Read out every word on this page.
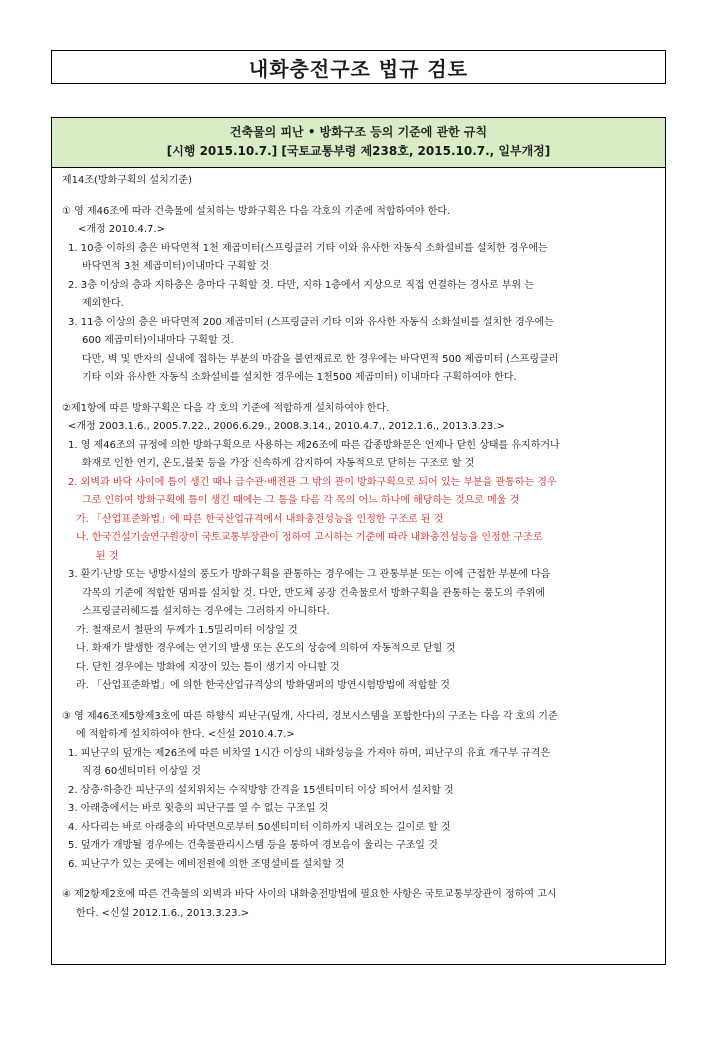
내화충전구조 법규 검토
건축물의 피난 • 방화구조 등의 기준에 관한 규칙
[시행 2015.10.7.] [국토교통부령 제238호, 2015.10.7., 일부개정]
제14조(방화구획의 설치기준)
① 영 제46조에 따라 건축물에 설치하는 방화구획은 다음 각호의 기준에 적합하여야 한다.
<개정 2010.4.7.>
1. 10층 이하의 층은 바닥면적 1천 제곱미터(스프링클러 기타 이와 유사한 자동식 소화설비를 설치한 경우에는
바닥면적 3천 제곱미터)이내마다 구획할 것
2. 3층 이상의 층과 지하층은 층마다 구획할 것. 다만, 지하 1층에서 지상으로 직접 연결하는 경사로 부위 는
제외한다.
3. 11층 이상의 층은 바닥면적 200 제곱미터 (스프링클러 기타 이와 유사한 자동식 소화설비를 설치한 경우에는
600 제곱미터)이내마다 구획할 것.
다만, 벽 및 반자의 실내에 접하는 부분의 마감을 불연재료로 한 경우에는 바닥면적 500 제곱미터 (스프링클러
기타 이와 유사한 자동식 소화설비를 설치한 경우에는 1천500 제곱미터) 이내마다 구획하여야 한다.
②제1항에 따른 방화구획은 다음 각 호의 기준에 적합하게 설치하여야 한다.
<개정 2003.1.6., 2005.7.22., 2006.6.29., 2008.3.14., 2010.4.7., 2012.1.6., 2013.3.23.>
1. 영 제46조의 규정에 의한 방화구획으로 사용하는 제26조에 따른 갑종방화문은 언제나 닫힌 상태를 유지하거나
화재로 인한 연기, 온도,불꽃 등을 가장 신속하게 감지하여 자동적으로 닫히는 구조로 할 것
2. 외벽과 바닥 사이에 틈이 생긴 때나 급수관·배전관 그 밖의 관이 방화구획으로 되어 있는 부분을 관통하는 경우
그로 인하여 방화구획에 틈이 생긴 때에는 그 틈을 다음 각 목의 어느 하나에 해당하는 것으로 메울 것
가. 「산업표준화법」에 따른 한국산업규격에서 내화충전성능을 인정한 구조로 된 것
나. 한국건설기술연구원장이 국토교통부장관이 정하여 고시하는 기준에 따라 내화충전성능을 인정한 구조로
된 것
3. 환기·난방 또는 냉방시설의 풍도가 방화구획을 관통하는 경우에는 그 관통부분 또는 이에 근접한 부분에 다음
각목의 기준에 적합한 댐퍼를 설치할 것. 다만, 반도체 공장 건축물로서 방화구획을 관통하는 풍도의 주위에
스프링클러헤드를 설치하는 경우에는 그러하지 아니하다.
가. 철재로서 철판의 두께가 1.5밀리미터 이상일 것
나. 화재가 발생한 경우에는 연기의 발생 또는 온도의 상승에 의하여 자동적으로 닫힐 것
다. 닫힌 경우에는 방화에 지장이 있는 틈이 생기지 아니할 것
라. 「산업표준화법」에 의한 한국산업규격상의 방화댐퍼의 방연시험방법에 적합할 것
③ 영 제46조제5항제3호에 따른 하향식 피난구(덮개, 사다리, 경보시스템을 포함한다)의 구조는 다음 각 호의 기준
에 적합하게 설치하여야 한다. <신설 2010.4.7.>
1. 피난구의 덮개는 제26조에 따른 비차열 1시간 이상의 내화성능을 가져야 하며, 피난구의 유효 개구부 규격은
직경 60센티미터 이상일 것
2. 상층·하층간 피난구의 설치위치는 수직방향 간격을 15센티미터 이상 띄어서 설치할 것
3. 아래층에서는 바로 윗층의 피난구를 열 수 없는 구조일 것
4. 사다리는 바로 아래층의 바닥면으로부터 50센티미터 이하까지 내려오는 길이로 할 것
5. 덮개가 개방될 경우에는 건축물관리시스템 등을 통하여 경보음이 울리는 구조일 것
6. 피난구가 있는 곳에는 예비전원에 의한 조명설비를 설치할 것
④ 제2항제2호에 따른 건축물의 외벽과 바닥 사이의 내화충전방법에 필요한 사항은 국토교통부장관이 정하여 고시
한다. <신설 2012.1.6., 2013.3.23.>
